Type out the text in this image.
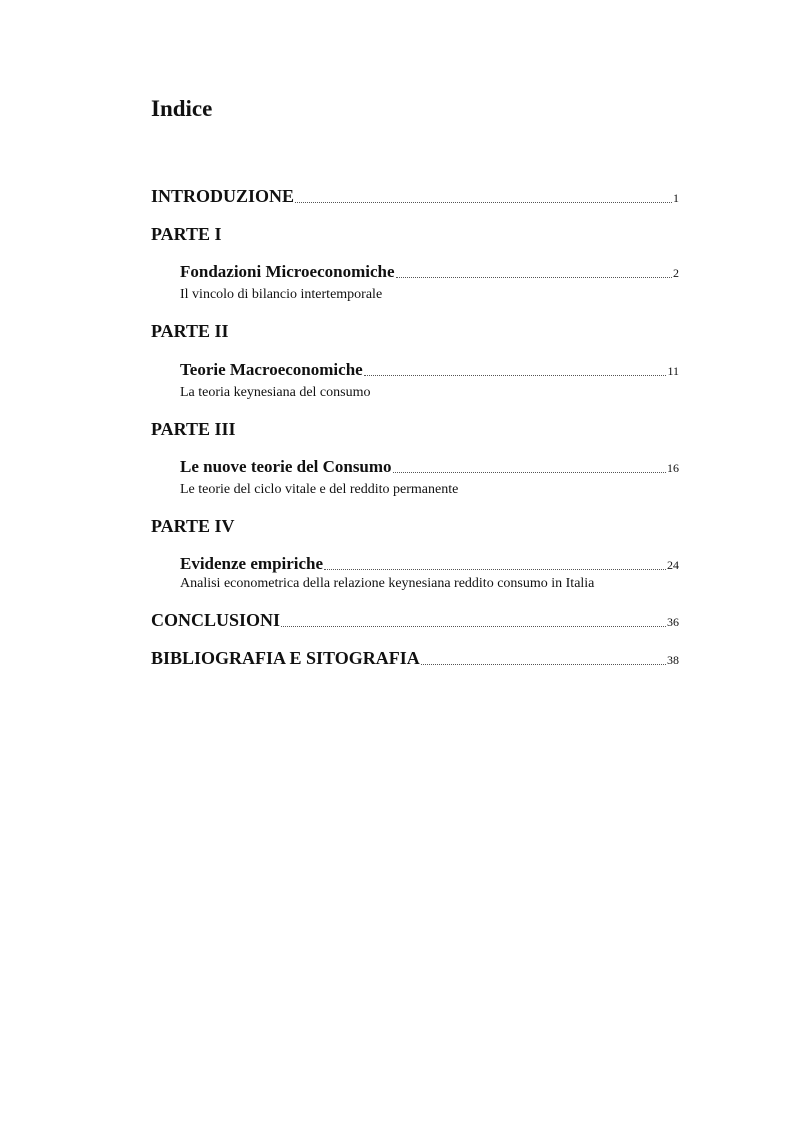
Indice
INTRODUZIONE	1
PARTE I
Fondazioni Microeconomiche	2
Il vincolo di bilancio intertemporale
PARTE II
Teorie Macroeconomiche	11
La teoria keynesiana del consumo
PARTE III
Le nuove teorie del Consumo	16
Le teorie del ciclo vitale e del reddito permanente
PARTE IV
Evidenze empiriche	24
Analisi econometrica della relazione keynesiana reddito consumo in Italia
CONCLUSIONI	36
BIBLIOGRAFIA E SITOGRAFIA	38
